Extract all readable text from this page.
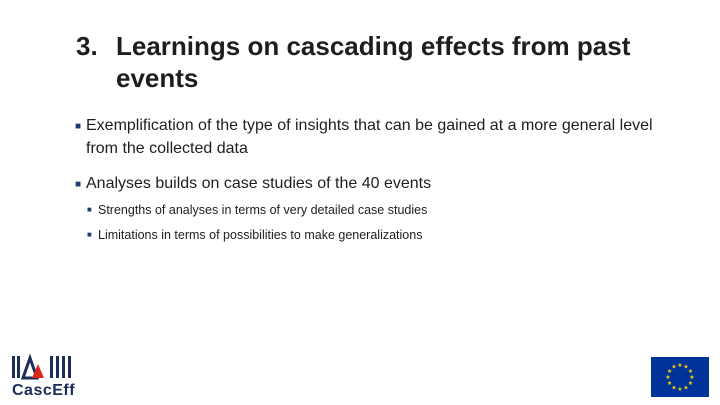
3. Learnings on cascading effects from past events
■ Exemplification of the type of insights that can be gained at a more general level from the collected data
■ Analyses builds on case studies of the 40 events
■ Strengths of analyses in terms of very detailed case studies
■ Limitations in terms of possibilities to make generalizations
CascEff
★ ★
★
★
★
★
★
★
★
★
★
★
